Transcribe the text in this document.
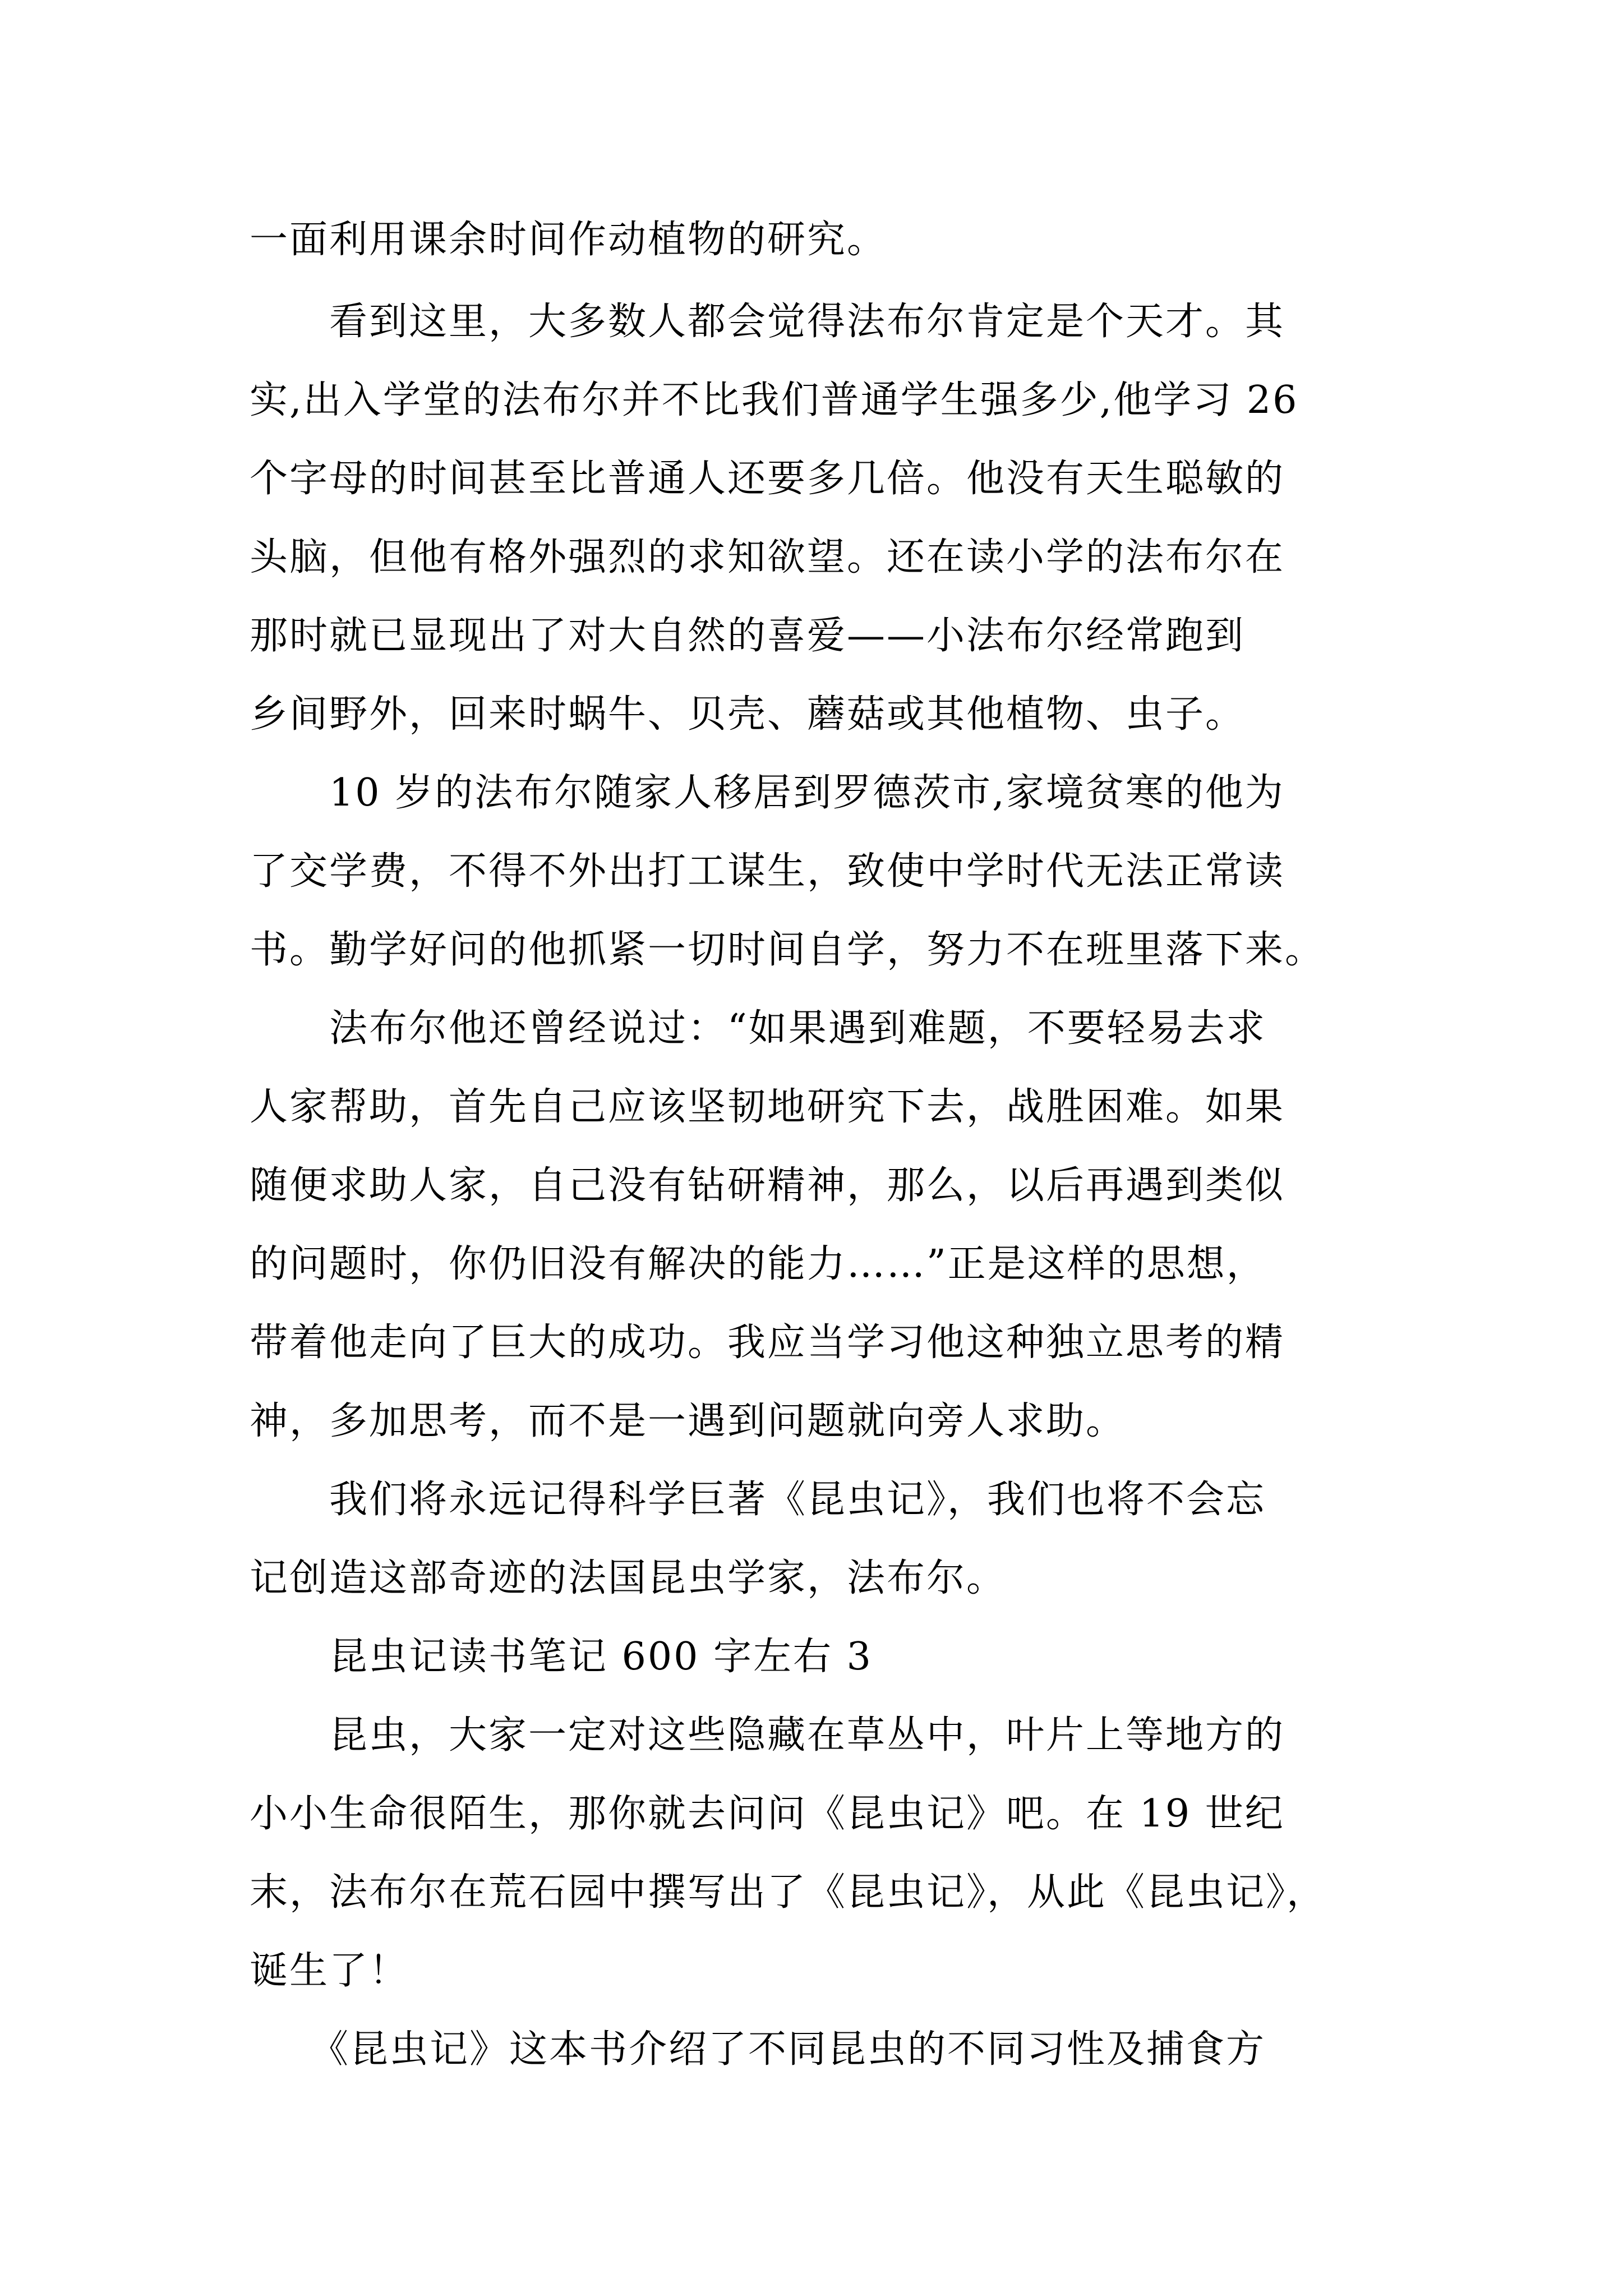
一面利用课余时间作动植物的研究。
　　看到这里，大多数人都会觉得法布尔肯定是个天才。其
实,出入学堂的法布尔并不比我们普通学生强多少,他学习 26
个字母的时间甚至比普通人还要多几倍。他没有天生聪敏的
头脑，但他有格外强烈的求知欲望。还在读小学的法布尔在
那时就已显现出了对大自然的喜爱——小法布尔经常跑到
乡间野外，回来时蜗牛、贝壳、蘑菇或其他植物、虫子。
　　10 岁的法布尔随家人移居到罗德茨市,家境贫寒的他为
了交学费，不得不外出打工谋生，致使中学时代无法正常读
书。勤学好问的他抓紧一切时间自学，努力不在班里落下来。
　　法布尔他还曾经说过：“如果遇到难题，不要轻易去求
人家帮助，首先自己应该坚韧地研究下去，战胜困难。如果
随便求助人家，自己没有钻研精神，那么，以后再遇到类似
的问题时，你仍旧没有解决的能力……”正是这样的思想，
带着他走向了巨大的成功。我应当学习他这种独立思考的精
神，多加思考，而不是一遇到问题就向旁人求助。
　　我们将永远记得科学巨著《昆虫记》，我们也将不会忘
记创造这部奇迹的法国昆虫学家，法布尔。
　　昆虫记读书笔记 600 字左右 3
　　昆虫，大家一定对这些隐藏在草丛中，叶片上等地方的
小小生命很陌生，那你就去问问《昆虫记》吧。在 19 世纪
末，法布尔在荒石园中撰写出了《昆虫记》，从此《昆虫记》，
诞生了！
　　《昆虫记》这本书介绍了不同昆虫的不同习性及捕食方
